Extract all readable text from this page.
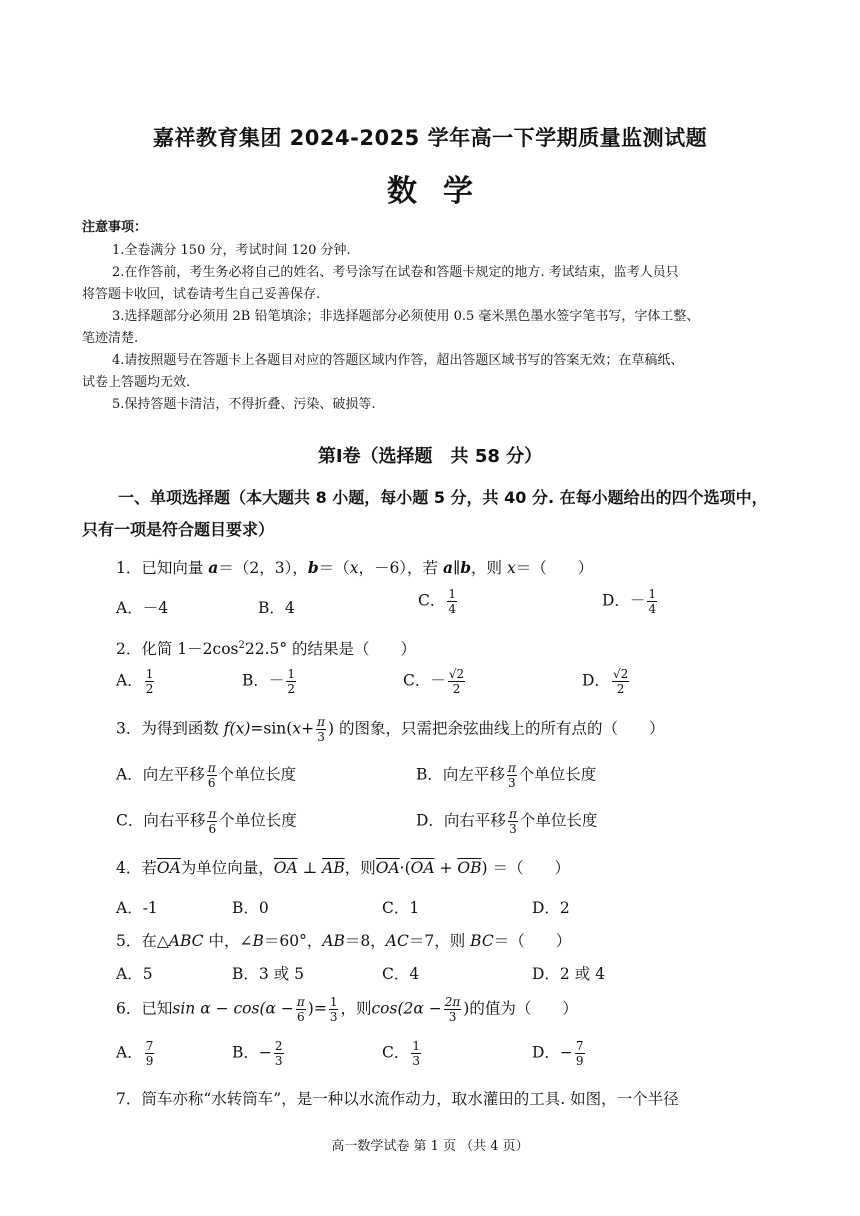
嘉祥教育集团 2024-2025 学年高一下学期质量监测试题
数学
注意事项：

1.全卷满分 150 分，考试时间 120 分钟.

2.在作答前，考生务必将自己的姓名、考号涂写在试卷和答题卡规定的地方. 考试结束，监考人员只

将答题卡收回，试卷请考生自己妥善保存.

3.选择题部分必须用 2B 铅笔填涂；非选择题部分必须使用 0.5 毫米黑色墨水签字笔书写，字体工整、

笔迹清楚.

4.请按照题号在答题卡上各题目对应的答题区域内作答，超出答题区域书写的答案无效；在草稿纸、

试卷上答题均无效.

5.保持答题卡清洁，不得折叠、污染、破损等.

第Ⅰ卷（选择题　共 58 分）
一、单项选择题（本大题共 8 小题，每小题 5 分，共 40 分. 在每小题给出的四个选项中，
只有一项是符合题目要求）
1．已知向量 a＝（2，3），b＝（x，－6），若 a∥b，则 x＝（　　）
A．－4	B．4	C． $\frac{1}{4}$	D．－ $\frac{1}{4}$
2．化简 $1-2\cos^222.5^\circ$ 的结果是（　　）
A． $\frac{1}{2}$	B．－ $\frac{1}{2}$	C．－ $\frac{√2}{2}$	D． $\frac{√2}{2}$
3．为得到函数 $f(x)=\sin(x+ \frac{\pi}{3}$ ) 的图象，只需把余弦曲线上的所有点的（　　）
A．向左平移 $\frac{\pi}{6}$ 个单位长度	B．向左平移 $\frac{\pi}{3}$ 个单位长度
C．向右平移 $\frac{\pi}{6}$ 个单位长度	D．向右平移 $\frac{\pi}{3}$ 个单位长度
4．若$\overline{OA}$为单位向量，$\overline{OA}$ ⊥ $\overline{AB}$，则$\overline{OA}\cdot(\overline{OA} + \overline{OB})$ ＝（　　）
A．-1	B．0	C．1	D．2
5．在△ABC 中，∠B＝60°，AB＝8，AC＝7，则 BC＝（　　）
A．5	B．3 或 5	C．4	D．2 或 4
6．已知$\sin \alpha - \cos(\alpha - \frac{\pi}{6}$ )= $\frac{1}{3}$ ，则$\cos(2\alpha - \frac{2\pi}{3}$ )的值为（　　）
A． $\frac{7}{9}$	B．− $\frac{2}{3}$	C． $\frac{1}{3}$	D．− $\frac{7}{9}$
7．筒车亦称“水转筒车”，是一种以水流作动力，取水灌田的工具. 如图，一个半径
高一数学试卷 第 1 页 （共 4 页）
